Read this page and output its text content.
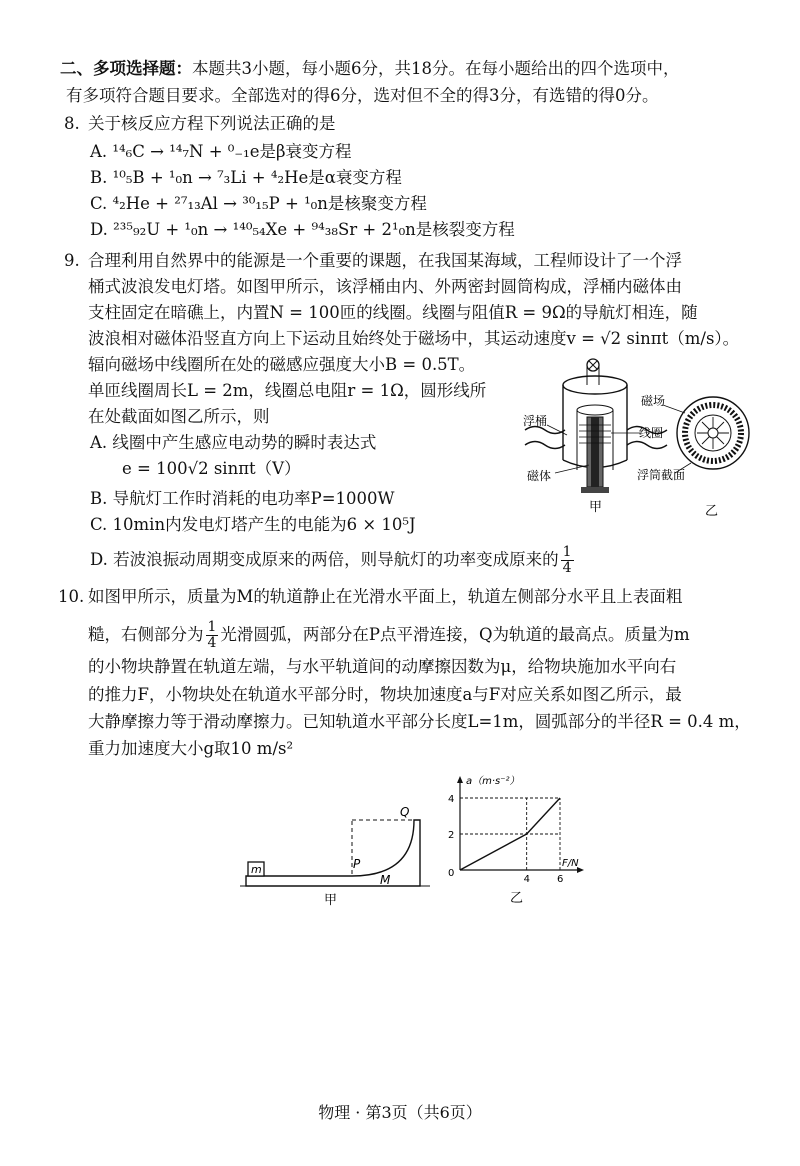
二、多项选择题：本题共3小题，每小题6分，共18分。在每小题给出的四个选项中，
有多项符合题目要求。全部选对的得6分，选对但不全的得3分，有选错的得0分。
8. 关于核反应方程下列说法正确的是
A. ¹⁴₆C → ¹⁴₇N + ⁰₋₁e是β衰变方程
B. ¹⁰₅B + ¹₀n → ⁷₃Li + ⁴₂He是α衰变方程
C. ⁴₂He + ²⁷₁₃Al → ³⁰₁₅P + ¹₀n是核聚变方程
D. ²³⁵₉₂U + ¹₀n → ¹⁴⁰₅₄Xe + ⁹⁴₃₈Sr + 2¹₀n是核裂变方程
9. 合理利用自然界中的能源是一个重要的课题，在我国某海域，工程师设计了一个浮
桶式波浪发电灯塔。如图甲所示，该浮桶由内、外两密封圆筒构成，浮桶内磁体由
支柱固定在暗礁上，内置N = 100匝的线圈。线圈与阻值R = 9Ω的导航灯相连，随
波浪相对磁体沿竖直方向上下运动且始终处于磁场中，其运动速度v = √2 sinπt（m/s）。
辐向磁场中线圈所在处的磁感应强度大小B = 0.5T。
单匝线圈周长L = 2m，线圈总电阻r = 1Ω，圆形线所
在处截面如图乙所示，则
A. 线圈中产生感应电动势的瞬时表达式
e = 100√2 sinπt（V）
B. 导航灯工作时消耗的电功率P=1000W
C. 10min内发电灯塔产生的电能为6 × 10⁵J
D. 若波浪振动周期变成原来的两倍，则导航灯的功率变成原来的 $\frac{1}{4}$
浮桶
磁体
线圈
磁场
浮筒截面
甲	乙
10. 如图甲所示，质量为M的轨道静止在光滑水平面上，轨道左侧部分水平且上表面粗
糙，右侧部分为 $\frac{1}{4}$ 光滑圆弧，两部分在P点平滑连接，Q为轨道的最高点。质量为m
的小物块静置在轨道左端，与水平轨道间的动摩擦因数为μ，给物块施加水平向右
的推力F，小物块处在轨道水平部分时，物块加速度a与F对应关系如图乙所示，最
大静摩擦力等于滑动摩擦力。已知轨道水平部分长度L=1m，圆弧部分的半径R = 0.4 m，
重力加速度大小g取10 m/s²
m	P
Q
M
甲
a（m·s⁻²）
F/N
0
4	6
2
4
乙
物理 · 第3页（共6页）
